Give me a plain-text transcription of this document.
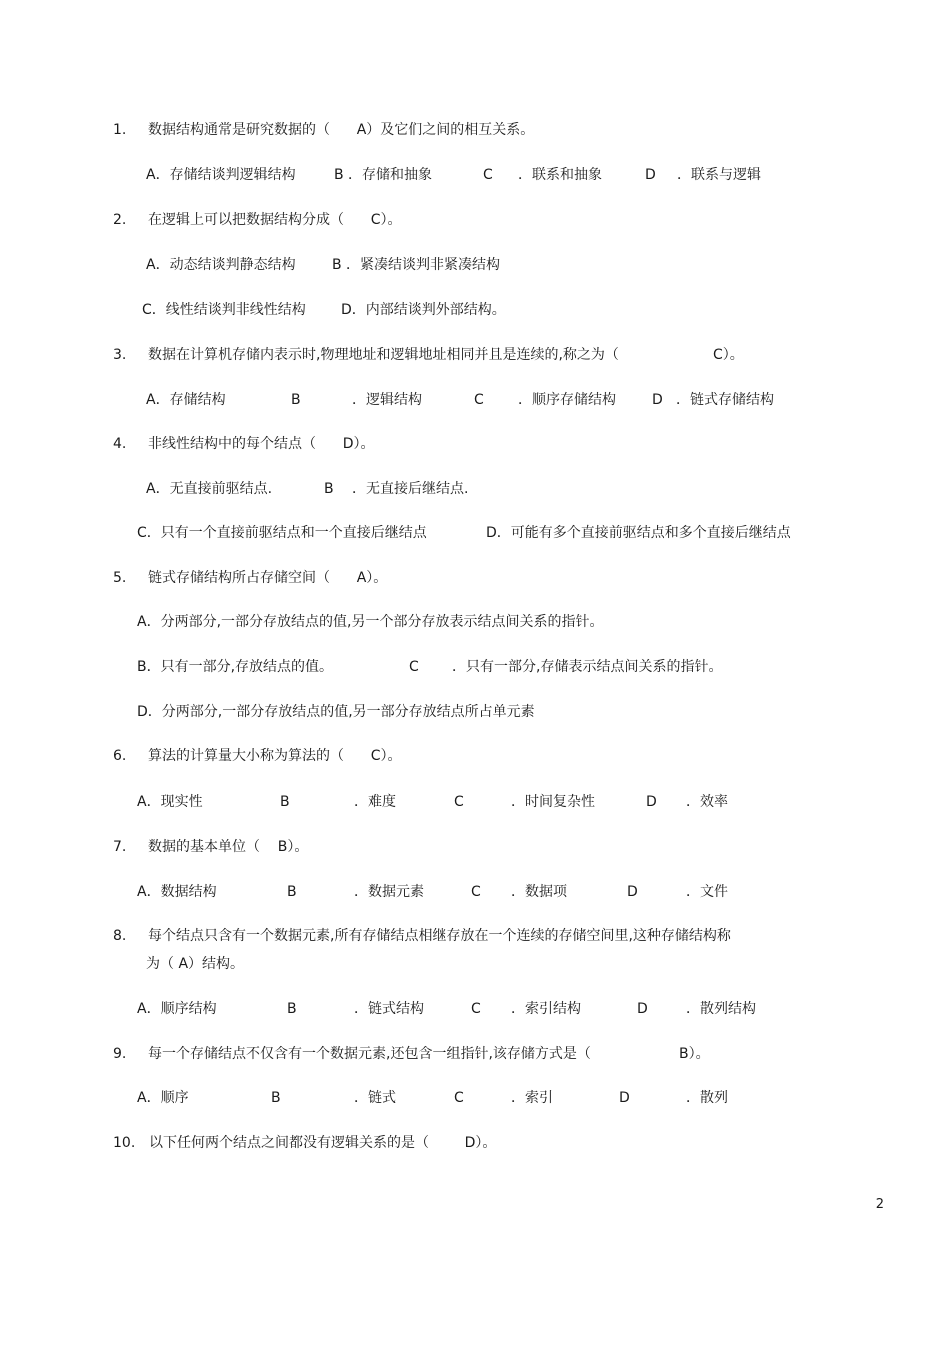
1. 数据结构通常是研究数据的（      A）及它们之间的相互关系。
A．存储结谈判逻辑结构	B ．存储和抽象	C ．联系和抽象	D ．联系与逻辑
2. 在逻辑上可以把数据结构分成（      C）。
A．动态结谈判静态结构	B ．紧凑结谈判非紧凑结构
C．线性结谈判非线性结构	D．内部结谈判外部结构。
3. 数据在计算机存储内表示时,物理地址和逻辑地址相同并且是连续的,称之为（	C）。
A．存储结构	B	．逻辑结构	C ．顺序存储结构	D ．链式存储结构
4. 非线性结构中的每个结点（      D）。
A．无直接前驱结点.	B ．无直接后继结点.
C．只有一个直接前驱结点和一个直接后继结点	D．可能有多个直接前驱结点和多个直接后继结点
5. 链式存储结构所占存储空间（      A）。
A．分两部分,一部分存放结点的值,另一个部分存放表示结点间关系的指针。
B．只有一部分,存放结点的值。	C ．只有一部分,存储表示结点间关系的指针。
D．分两部分,一部分存放结点的值,另一部分存放结点所占单元素
6. 算法的计算量大小称为算法的（      C）。
A．现实性	B	．难度	C	．时间复杂性	D ．效率
7. 数据的基本单位（    B）。
A．数据结构	B	．数据元素	C ．数据项	D	．文件
8. 每个结点只含有一个数据元素,所有存储结点相继存放在一个连续的存储空间里,这种存储结构称
为（ A）结构。
A．顺序结构	B	．链式结构	C ．索引结构	D	．散列结构
9. 每一个存储结点不仅含有一个数据元素,还包含一组指针,该存储方式是（	B）。
A．顺序	B	．链式	C	．索引	D	．散列
10. 以下任何两个结点之间都没有逻辑关系的是（        D）。
2
